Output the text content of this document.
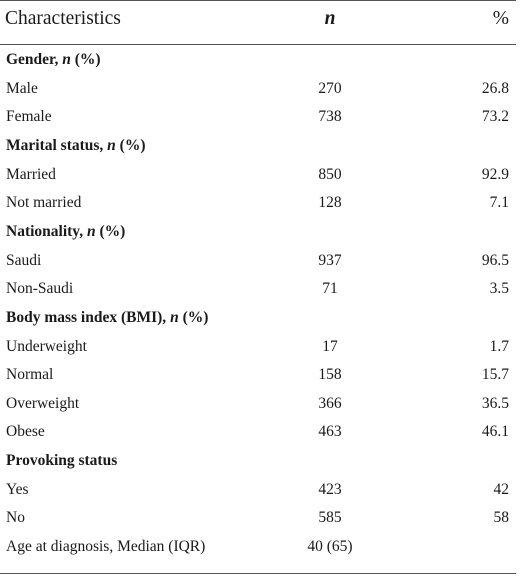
Characteristics	n	%
Gender, n (%)
Male	270	26.8
Female	738	73.2
Marital status, n (%)
Married	850	92.9
Not married	128	7.1
Nationality, n (%)
Saudi	937	96.5
Non-Saudi	71	3.5
Body mass index (BMI), n (%)
Underweight	17	1.7
Normal	158	15.7
Overweight	366	36.5
Obese	463	46.1
Provoking status
Yes	423	42
No	585	58
Age at diagnosis, Median (IQR)	40 (65)
